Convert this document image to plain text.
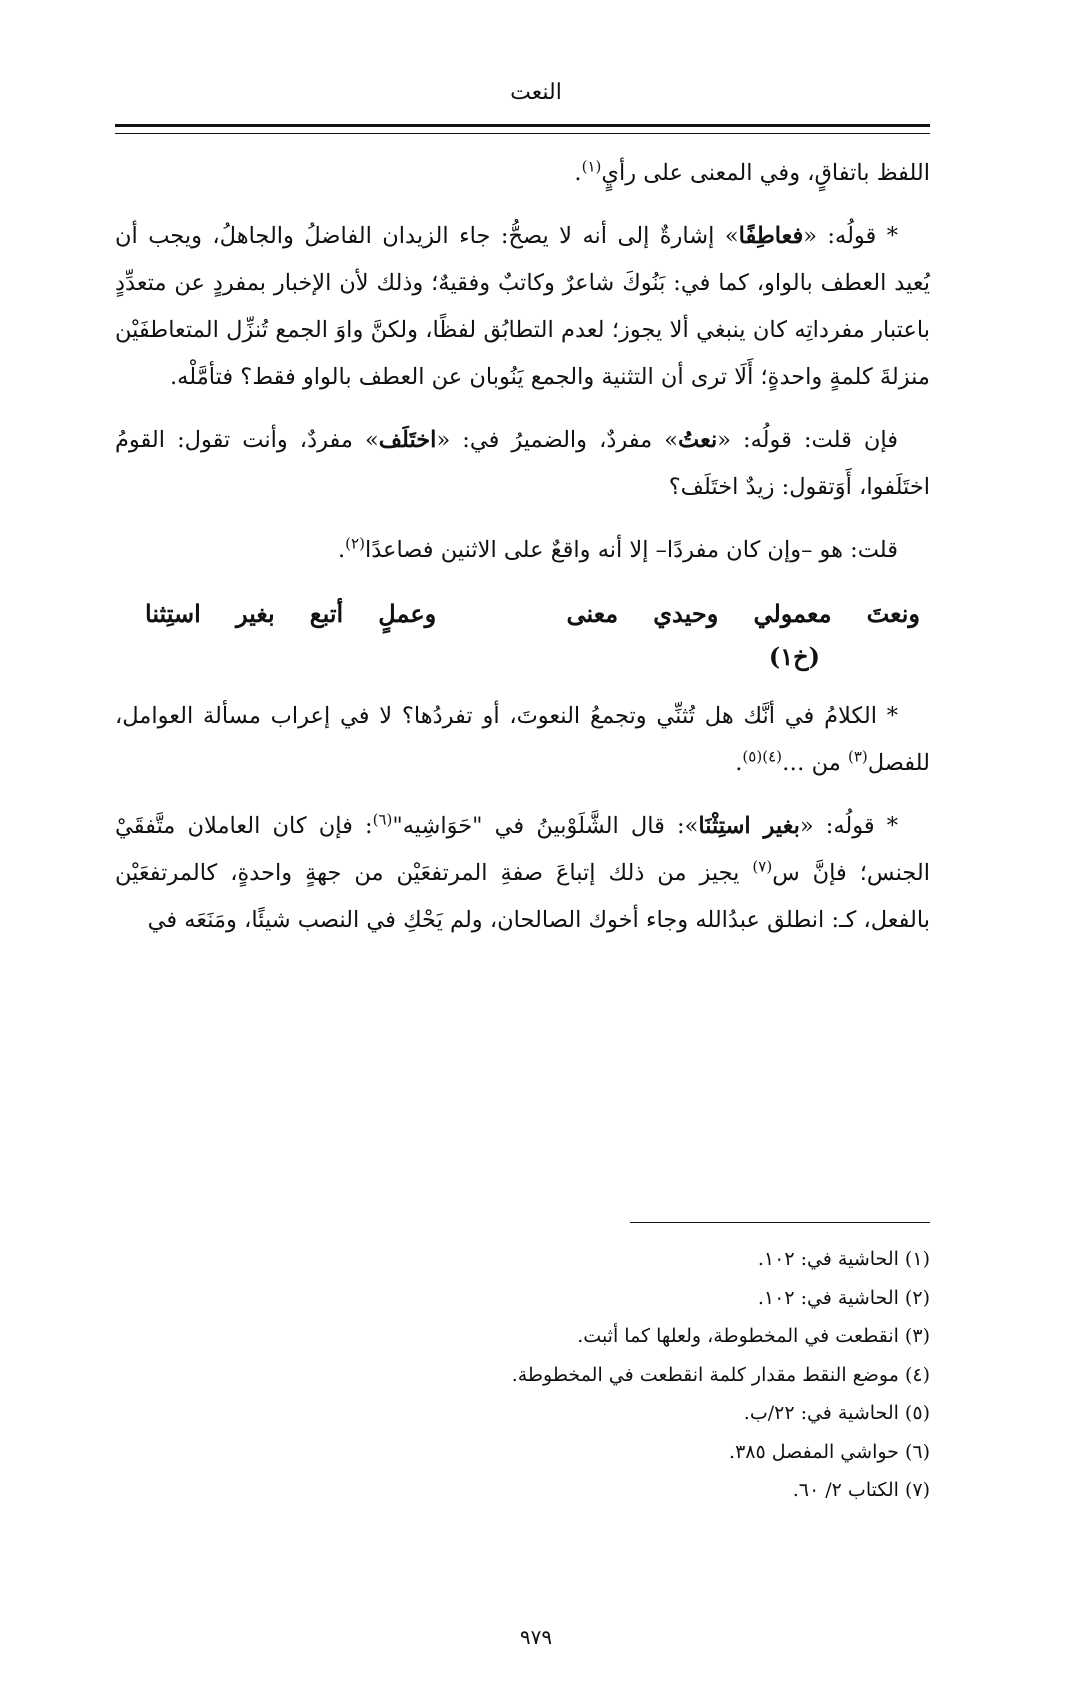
النعت

اللفظ باتفاقٍ، وفي المعنى على رأيٍ$^{(١)}$.

* قولُه: «فعاطِفًا» إشارةٌ إلى أنه لا يصحُّ: جاء الزيدان الفاضلُ والجاهلُ، ويجب أن يُعيد العطف بالواو، كما في: بَنُوكَ شاعرٌ وكاتبٌ وفقيهٌ؛ وذلك لأن الإخبار بمفردٍ عن متعدِّدٍ باعتبار مفرداتِه كان ينبغي ألا يجوز؛ لعدم التطابُق لفظًا، ولكنَّ واوَ الجمع تُنزِّل المتعاطفَيْن منزلةَ كلمةٍ واحدةٍ؛ أَلَا ترى أن التثنية والجمع يَنُوبان عن العطف بالواو فقط؟ فتأمَّلْه.

فإن قلت: قولُه: «نعتُ» مفردٌ، والضميرُ في: «اختَلَف» مفردٌ، وأنت تقول: القومُ اختَلَفوا، أَوَتقول: زيدٌ اختَلَف؟

قلت: هو –وإن كان مفردًا– إلا أنه واقعٌ على الاثنين فصاعدًا$^{(٢)}$.

ونعتَ
معمولي
وحيدي
معنى
وعملٍ
أتبع
بغير
استِثنا
(خ١)

* الكلامُ في أنَّك هل تُثنِّي وتجمعُ النعوتَ، أو تفردُها؟ لا في إعراب مسألة العوامل، للفصل$^{(٣)}$ من …$^{(٤)(٥)}$.

* قولُه: «بغير استِثْنَا»: قال الشَّلَوْبينُ في "حَوَاشِيه"$^{(٦)}$: فإن كان العاملان متَّفقَيْ الجنس؛ فإنَّ س$^{(٧)}$ يجيز من ذلك إتباعَ صفةِ المرتفعَيْن من جهةٍ واحدةٍ، كالمرتفعَيْن بالفعل، كـ: انطلق عبدُالله وجاء أخوك الصالحان، ولم يَحْكِ في النصب شيئًا، ومَنَعَه في

(١) الحاشية في: ١٠٢.
(٢) الحاشية في: ١٠٢.
(٣) انقطعت في المخطوطة، ولعلها كما أثبت.
(٤) موضع النقط مقدار كلمة انقطعت في المخطوطة.
(٥) الحاشية في: ٢٢/ب.
(٦) حواشي المفصل ٣٨٥.
(٧) الكتاب ٢/ ٦٠.
٩٧٩
